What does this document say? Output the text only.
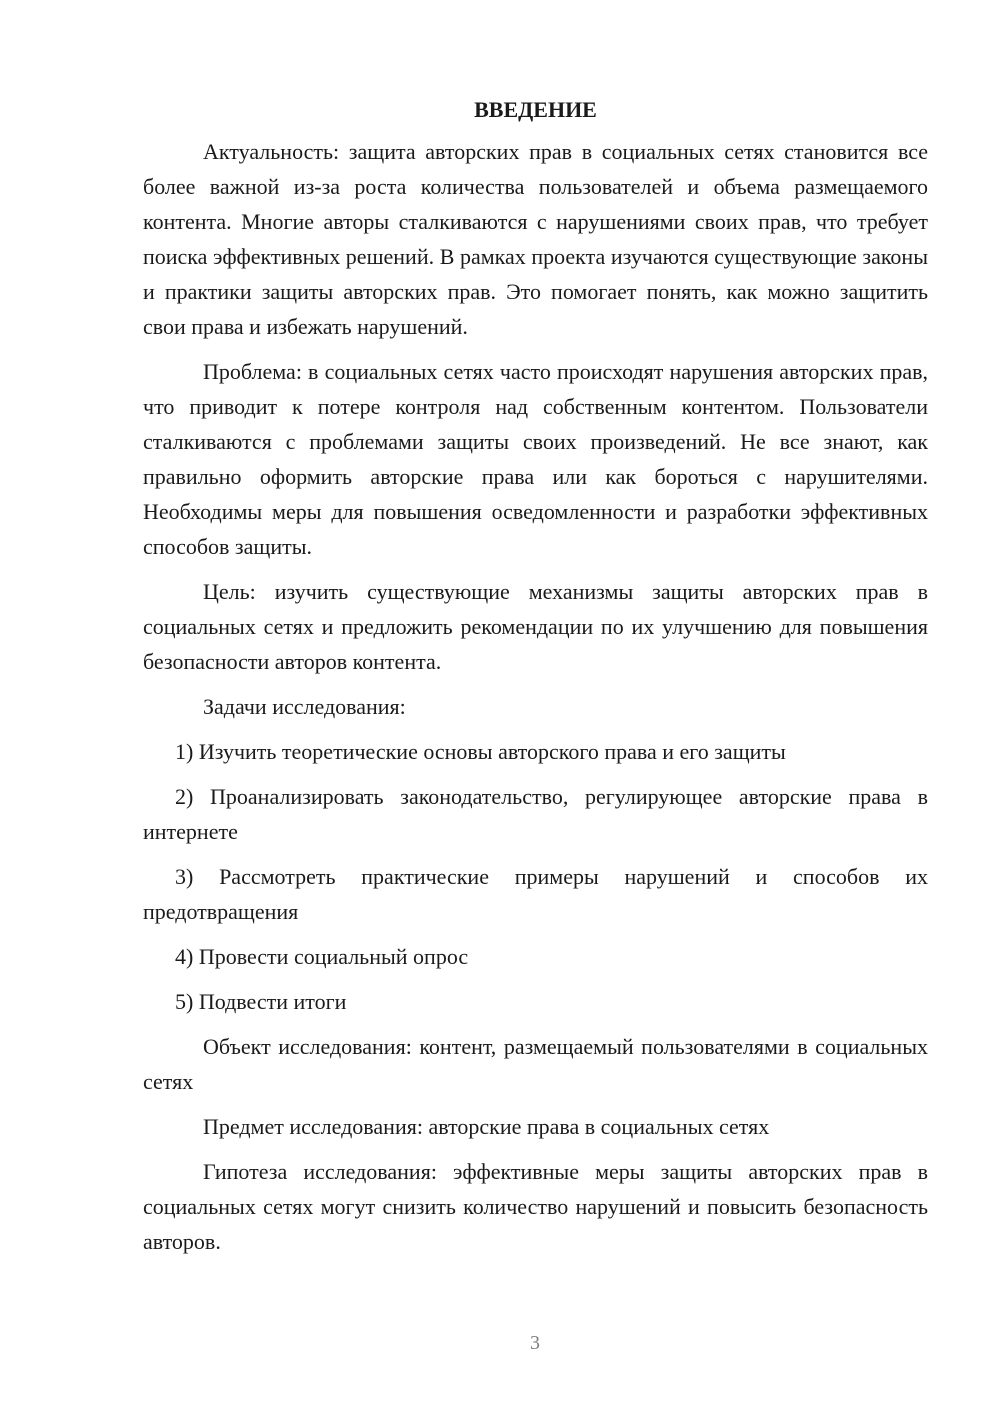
ВВЕДЕНИЕ

Актуальность: защита авторских прав в социальных сетях становится все более важной из-за роста количества пользователей и объема размещаемого контента. Многие авторы сталкиваются с нарушениями своих прав, что требует поиска эффективных решений. В рамках проекта изучаются существующие законы и практики защиты авторских прав. Это помогает понять, как можно защитить свои права и избежать нарушений.

Проблема: в социальных сетях часто происходят нарушения авторских прав, что приводит к потере контроля над собственным контентом. Пользователи сталкиваются с проблемами защиты своих произведений. Не все знают, как правильно оформить авторские права или как бороться с нарушителями. Необходимы меры для повышения осведомленности и разработки эффективных способов защиты.

Цель: изучить существующие механизмы защиты авторских прав в социальных сетях и предложить рекомендации по их улучшению для повышения безопасности авторов контента.

Задачи исследования:

1) Изучить теоретические основы авторского права и его защиты

2) Проанализировать законодательство, регулирующее авторские права в интернете

3) Рассмотреть практические примеры нарушений и способов их предотвращения

4) Провести социальный опрос

5) Подвести итоги

Объект исследования: контент, размещаемый пользователями в социальных сетях

Предмет исследования: авторские права в социальных сетях

Гипотеза исследования: эффективные меры защиты авторских прав в социальных сетях могут снизить количество нарушений и повысить безопасность авторов.

3
